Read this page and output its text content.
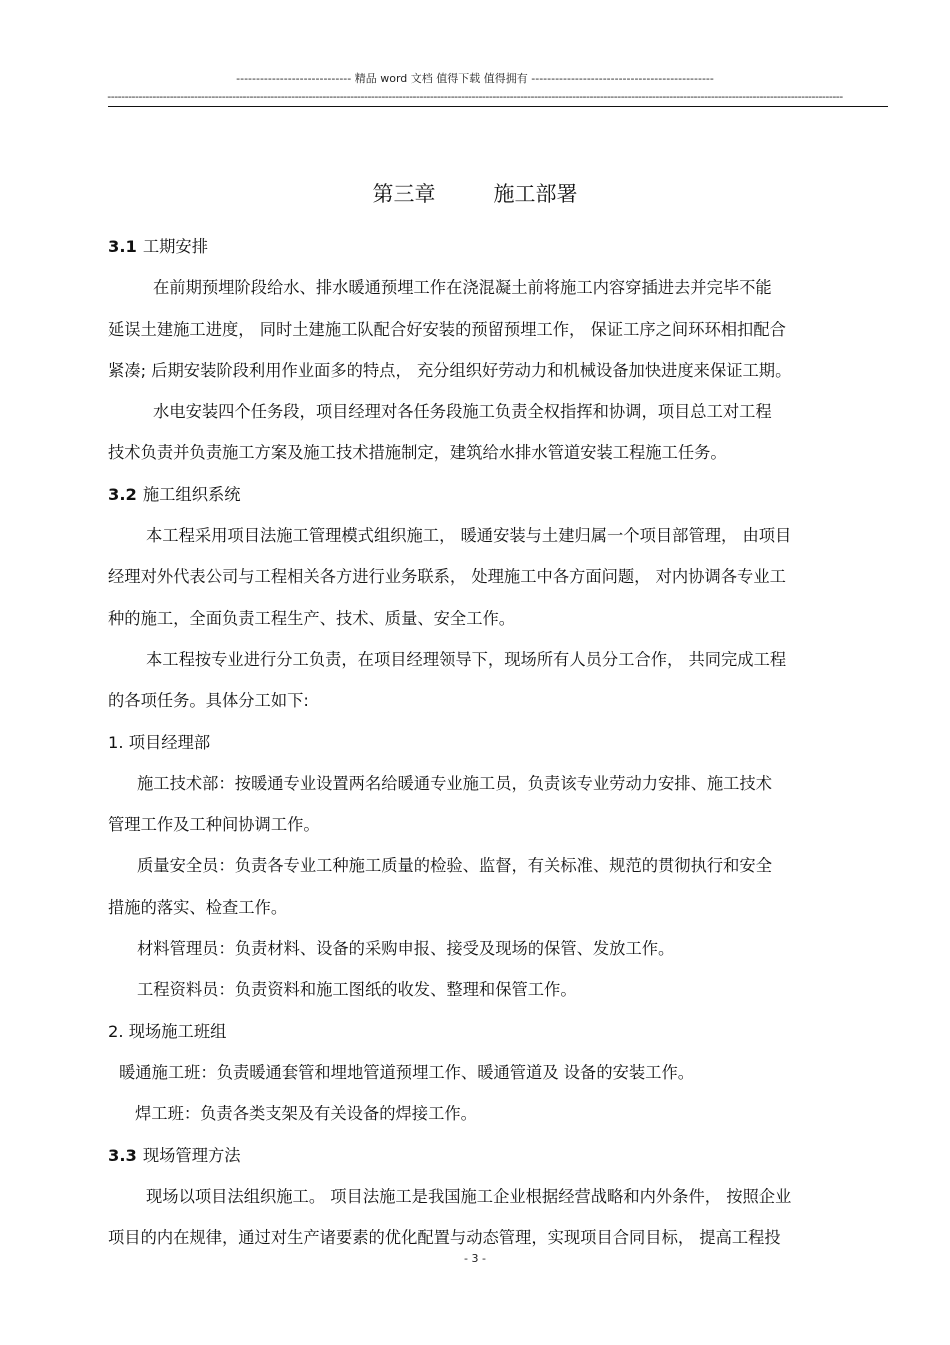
----------------------------- 精品 word 文档 值得下载 值得拥有 ----------------------------------------------
--------------------------------------------------------------------------------------------------------------------------------------------------------------------------------------------------------------------
第三章	施工部署

3.1 工期安排

在前期预埋阶段给水、排水暖通预埋工作在浇混凝土前将施工内容穿插进去并完毕不能

延误土建施工进度， 同时土建施工队配合好安装的预留预埋工作， 保证工序之间环环相扣配合

紧凑; 后期安装阶段利用作业面多的特点， 充分组织好劳动力和机械设备加快进度来保证工期。

水电安装四个任务段，项目经理对各任务段施工负责全权指挥和协调，项目总工对工程

技术负责并负责施工方案及施工技术措施制定，建筑给水排水管道安装工程施工任务。

3.2 施工组织系统

本工程采用项目法施工管理模式组织施工， 暖通安装与土建归属一个项目部管理， 由项目

经理对外代表公司与工程相关各方进行业务联系， 处理施工中各方面问题， 对内协调各专业工

种的施工，全面负责工程生产、技术、质量、安全工作。

本工程按专业进行分工负责，在项目经理领导下，现场所有人员分工合作， 共同完成工程

的各项任务。具体分工如下:

1. 项目经理部

施工技术部：按暖通专业设置两名给暖通专业施工员，负责该专业劳动力安排、施工技术

管理工作及工种间协调工作。

质量安全员：负责各专业工种施工质量的检验、监督，有关标准、规范的贯彻执行和安全

措施的落实、检查工作。

材料管理员：负责材料、设备的采购申报、接受及现场的保管、发放工作。

工程资料员：负责资料和施工图纸的收发、整理和保管工作。

2. 现场施工班组

暖通施工班：负责暖通套管和埋地管道预埋工作、暖通管道及 设备的安装工作。

焊工班：负责各类支架及有关设备的焊接工作。

3.3 现场管理方法

现场以项目法组织施工。 项目法施工是我国施工企业根据经营战略和内外条件， 按照企业

项目的内在规律，通过对生产诸要素的优化配置与动态管理，实现项目合同目标， 提高工程投

- 3 -
